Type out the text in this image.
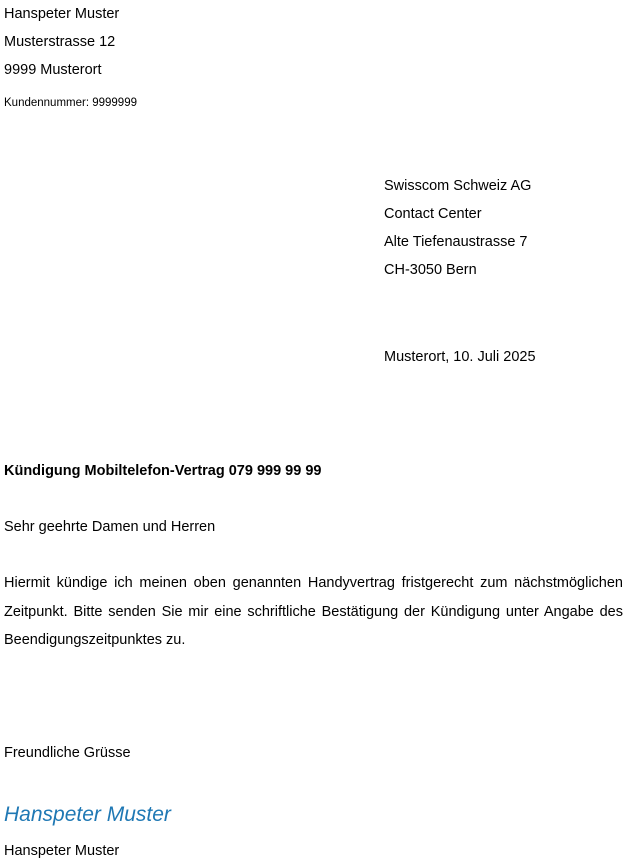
Hanspeter Muster
Musterstrasse 12
9999 Musterort
Kundennummer: 9999999
Swisscom Schweiz AG
Contact Center
Alte Tiefenaustrasse 7
CH-3050 Bern
Musterort, 10. Juli 2025
Kündigung Mobiltelefon-Vertrag 079 999 99 99
Sehr geehrte Damen und Herren
Hiermit kündige ich meinen oben genannten Handyvertrag fristgerecht zum nächstmöglichen Zeitpunkt. Bitte senden Sie mir eine schriftliche Bestätigung der Kündigung unter Angabe des Beendigungszeitpunktes zu.
Freundliche Grüsse
Hanspeter Muster
Hanspeter Muster
